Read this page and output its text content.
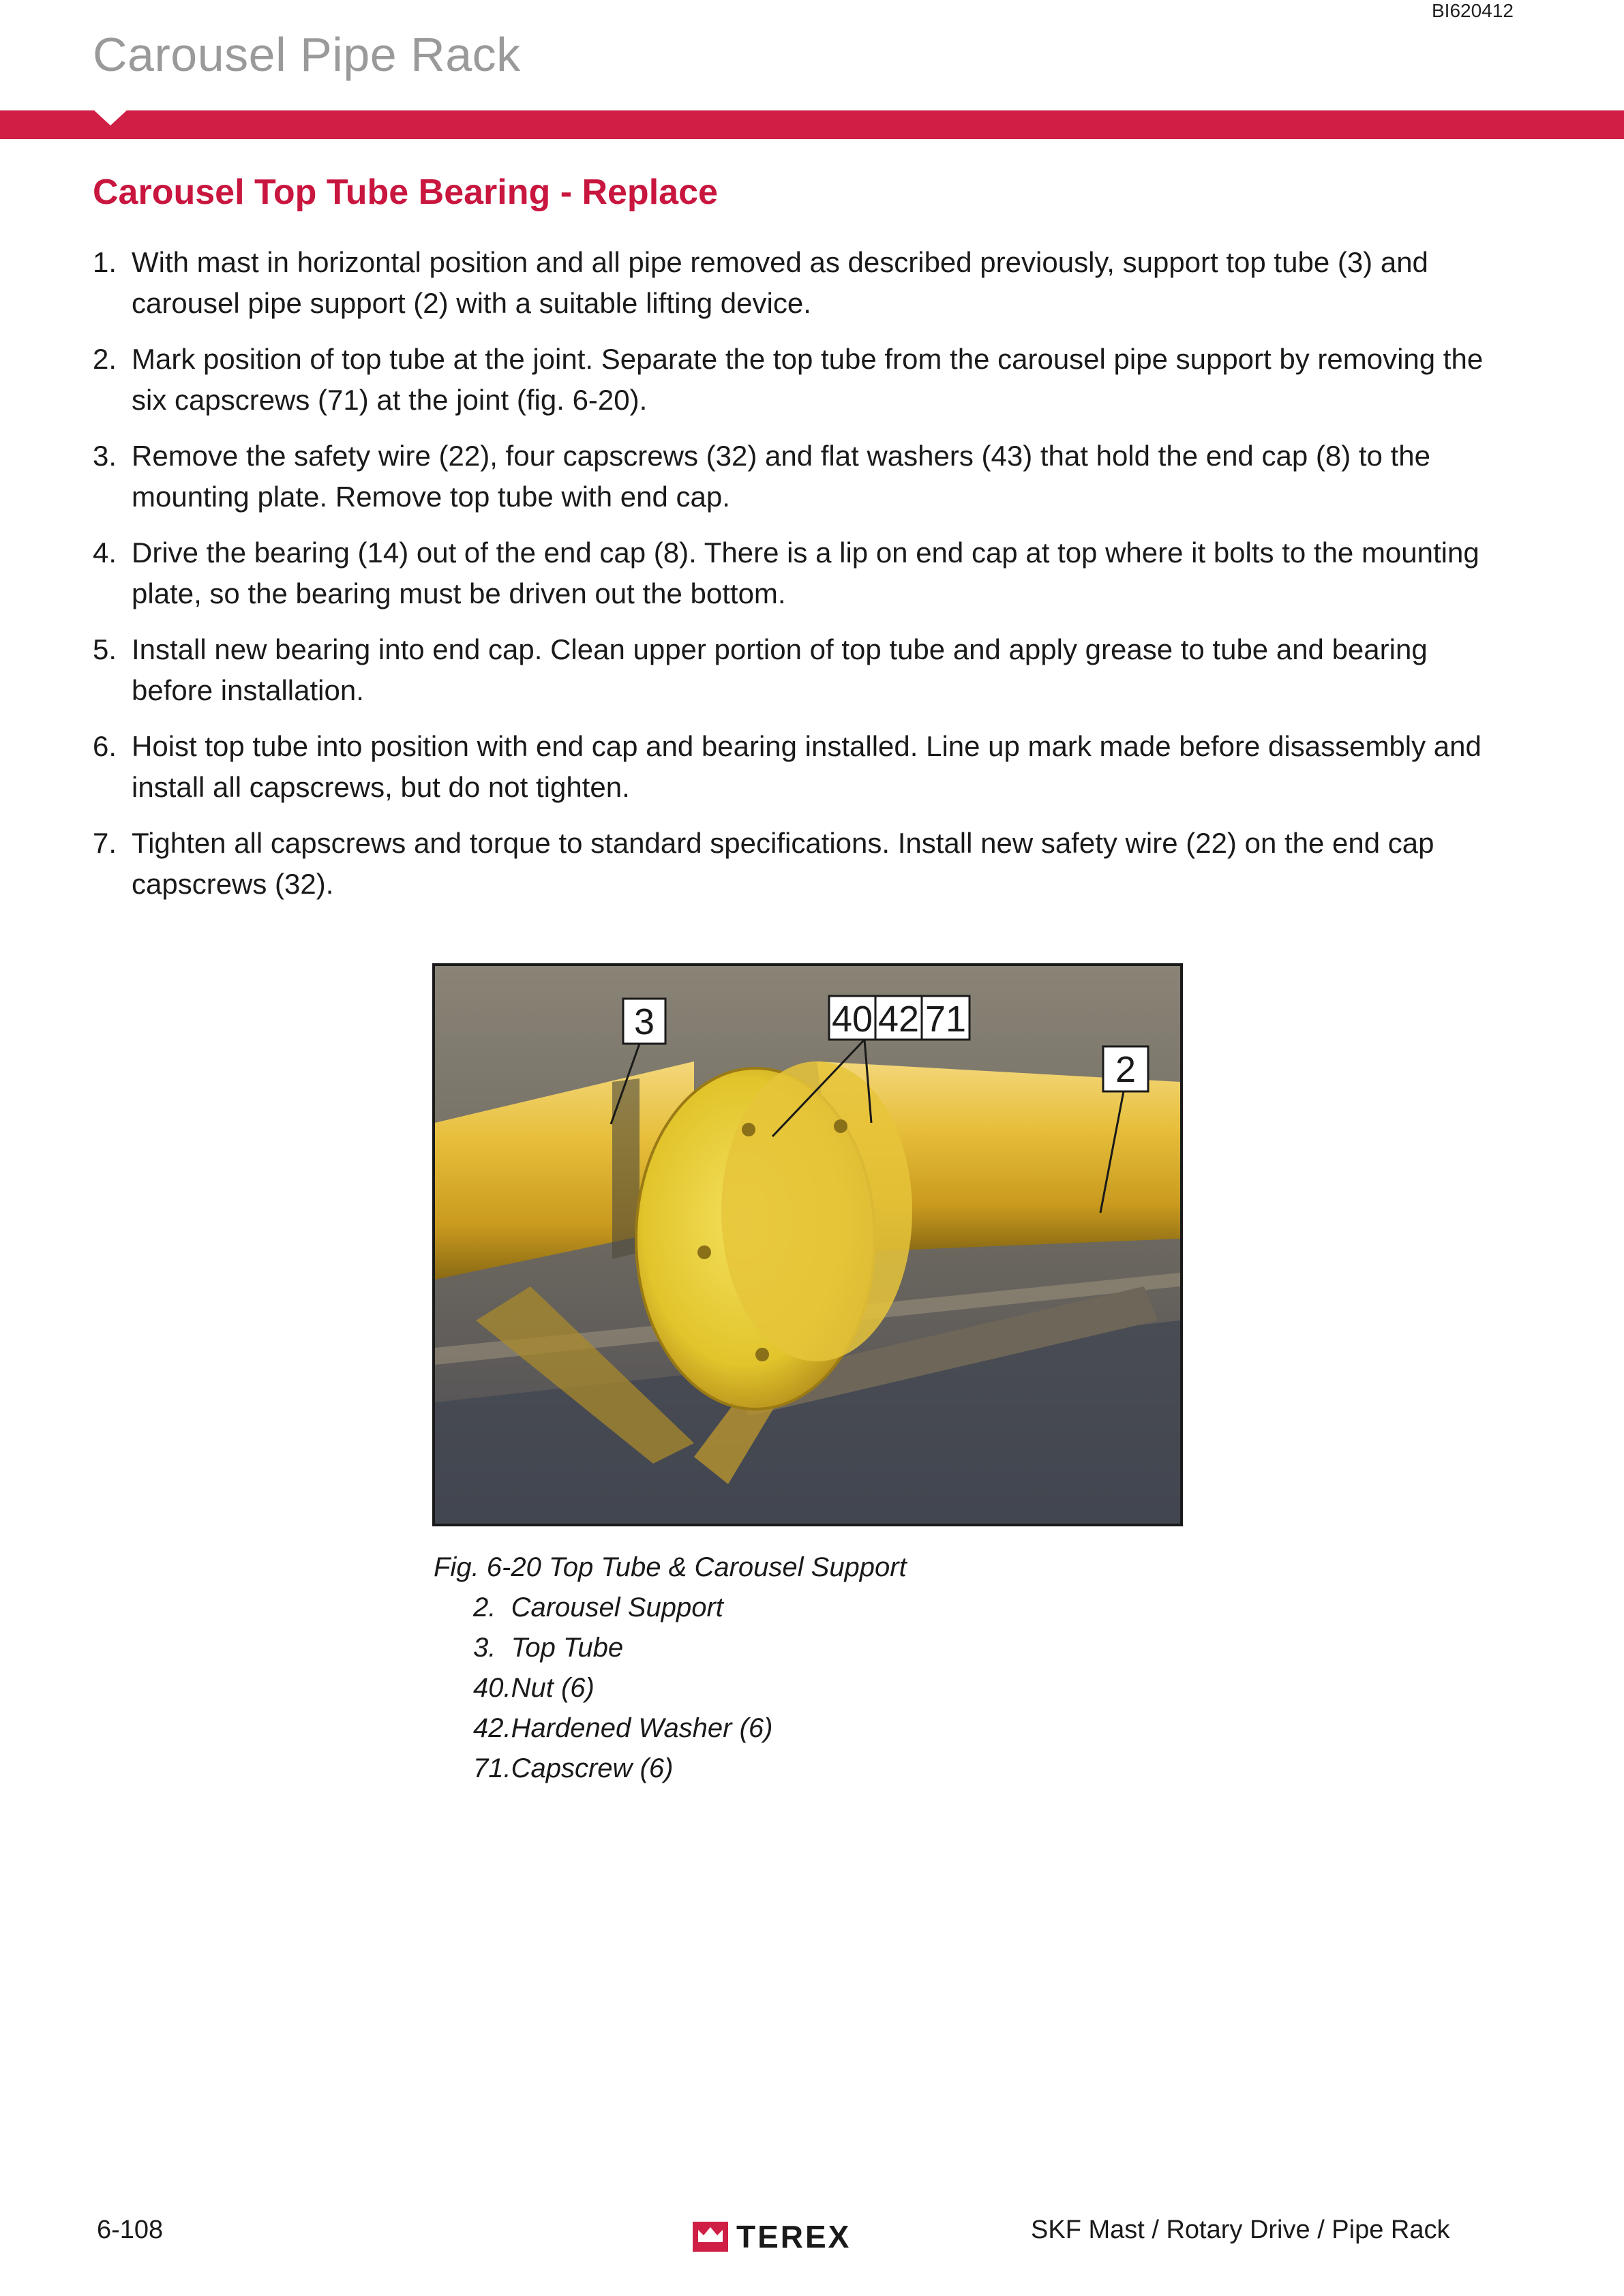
BI620412
Carousel Pipe Rack
Carousel Top Tube Bearing - Replace
1. With mast in horizontal position and all pipe removed as described previously, support top tube (3) and carousel pipe support (2) with a suitable lifting device.
2. Mark position of top tube at the joint. Separate the top tube from the carousel pipe support by removing the six capscrews (71) at the joint (fig. 6-20).
3. Remove the safety wire (22), four capscrews (32) and flat washers (43) that hold the end cap (8) to the mounting plate. Remove top tube with end cap.
4. Drive the bearing (14) out of the end cap (8). There is a lip on end cap at top where it bolts to the mounting plate, so the bearing must be driven out the bottom.
5. Install new bearing into end cap. Clean upper portion of top tube and apply grease to tube and bearing before installation.
6. Hoist top tube into position with end cap and bearing installed. Line up mark made before disassembly and install all capscrews, but do not tighten.
7. Tighten all capscrews and torque to standard specifications. Install new safety wire (22) on the end cap capscrews (32).
3	40 42 71
2
Fig. 6-20 Top Tube & Carousel Support
2. Carousel Support
3. Top Tube
40.Nut (6)
42.Hardened Washer (6)
71.Capscrew (6)
6-108	TEREX	SKF Mast / Rotary Drive / Pipe Rack
